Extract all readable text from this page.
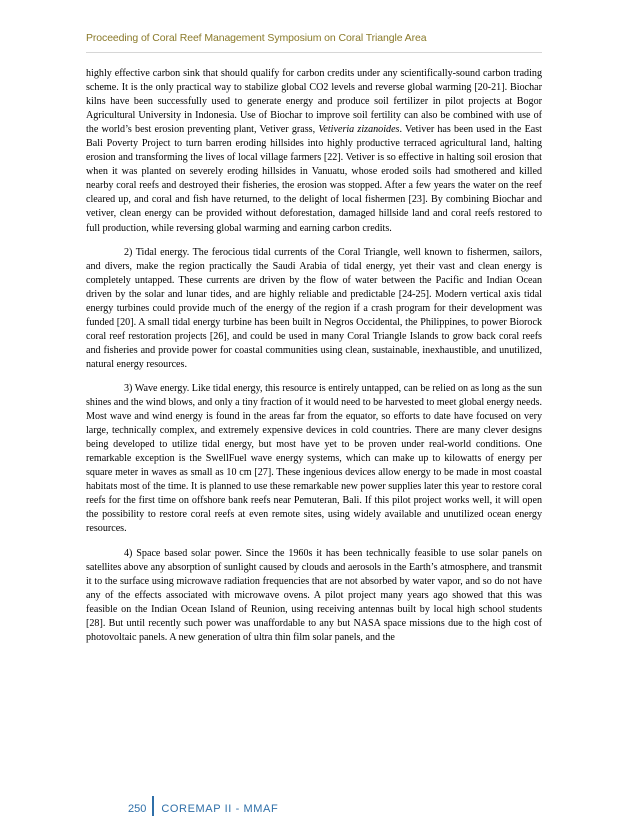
Proceeding of Coral Reef Management Symposium on Coral Triangle Area

highly effective carbon sink that should qualify for carbon credits under any scientifically-sound carbon trading scheme. It is the only practical way to stabilize global CO2 levels and reverse global warming [20-21]. Biochar kilns have been successfully used to generate energy and produce soil fertilizer in pilot projects at Bogor Agricultural University in Indonesia. Use of Biochar to improve soil fertility can also be combined with use of the world’s best erosion preventing plant, Vetiver grass, Vetiveria zizanoides. Vetiver has been used in the East Bali Poverty Project to turn barren eroding hillsides into highly productive terraced agricultural land, halting erosion and transforming the lives of local village farmers [22]. Vetiver is so effective in halting soil erosion that when it was planted on severely eroding hillsides in Vanuatu, whose eroded soils had smothered and killed nearby coral reefs and destroyed their fisheries, the erosion was stopped. After a few years the water on the reef cleared up, and coral and fish have returned, to the delight of local fishermen [23]. By combining Biochar and vetiver, clean energy can be provided without deforestation, damaged hillside land and coral reefs restored to full production, while reversing global warming and earning carbon credits.

2) Tidal energy. The ferocious tidal currents of the Coral Triangle, well known to fishermen, sailors, and divers, make the region practically the Saudi Arabia of tidal energy, yet their vast and clean energy is completely untapped. These currents are driven by the flow of water between the Pacific and Indian Ocean driven by the solar and lunar tides, and are highly reliable and predictable [24-25]. Modern vertical axis tidal energy turbines could provide much of the energy of the region if a crash program for their development was funded [20]. A small tidal energy turbine has been built in Negros Occidental, the Philippines, to power Biorock coral reef restoration projects [26], and could be used in many Coral Triangle Islands to grow back coral reefs and fisheries and provide power for coastal communities using clean, sustainable, inexhaustible, and unutilized, natural energy resources.

3) Wave energy. Like tidal energy, this resource is entirely untapped, can be relied on as long as the sun shines and the wind blows, and only a tiny fraction of it would need to be harvested to meet global energy needs. Most wave and wind energy is found in the areas far from the equator, so efforts to date have focused on very large, technically complex, and extremely expensive devices in cold countries. There are many clever designs being developed to utilize tidal energy, but most have yet to be proven under real-world conditions. One remarkable exception is the SwellFuel wave energy systems, which can make up to kilowatts of energy per square meter in waves as small as 10 cm [27]. These ingenious devices allow energy to be made in most coastal habitats most of the time. It is planned to use these remarkable new power supplies later this year to restore coral reefs for the first time on offshore bank reefs near Pemuteran, Bali. If this pilot project works well, it will open the possibility to restore coral reefs at even remote sites, using widely available and unutilized ocean energy resources.

4) Space based solar power. Since the 1960s it has been technically feasible to use solar panels on satellites above any absorption of sunlight caused by clouds and aerosols in the Earth’s atmosphere, and transmit it to the surface using microwave radiation frequencies that are not absorbed by water vapor, and so do not have any of the effects associated with microwave ovens. A pilot project many years ago showed that this was feasible on the Indian Ocean Island of Reunion, using receiving antennas built by local high school students [28]. But until recently such power was unaffordable to any but NASA space missions due to the high cost of photovoltaic panels. A new generation of ultra thin film solar panels, and the

250 COREMAP II - MMAF
